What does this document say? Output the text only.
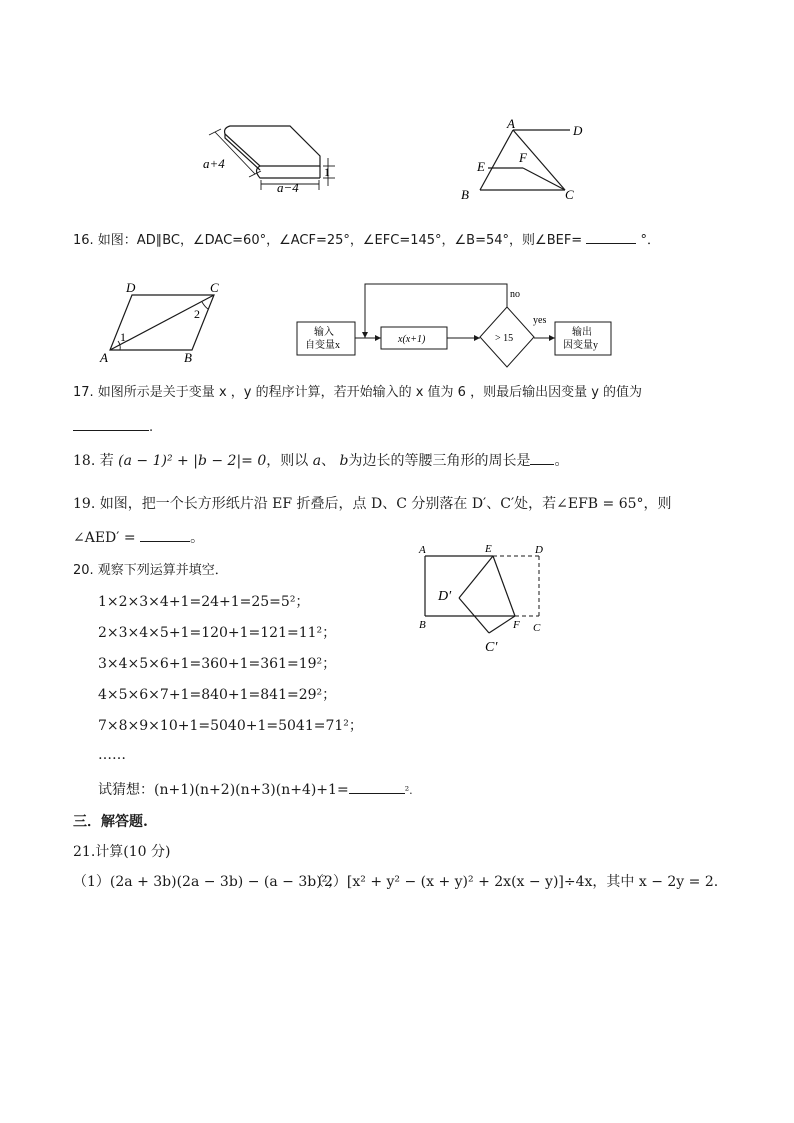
a+4
a−4
1
A	D
E
F
B	C
16. 如图：AD∥BC，∠DAC=60°，∠ACF=25°，∠EFC=145°，∠B=54°，则∠BEF=	°．
D	C
A	B
1
2
输入
自变量x
x(x+1)	> 15
no
yes
输出
因变量y
17. 如图所示是关于变量 x ，y 的程序计算，若开始输入的 x 值为 6 ，则最后输出因变量 y 的值为
.
18. 若 (a − 1)² + |b − 2|= 0，则以 a、 b为边长的等腰三角形的周长是 。
19. 如图，把一个长方形纸片沿 EF 折叠后，点 D、C 分别落在 D′、C′处，若∠EFB = 65°，则
∠AED′ =	。
A	E	D
D′
B	F C
C′
20. 观察下列运算并填空．
1×2×3×4+1=24+1=25=5²；
2×3×4×5+1=120+1=121=11²；
3×4×5×6+1=360+1=361=19²；
4×5×6×7+1=840+1=841=29²；
7×8×9×10+1=5040+1=5041=71²；
……
试猜想：(n+1)(n+2)(n+3)(n+4)+1=	².
三．解答题.
21.计算(10 分)
（1）(2a + 3b)(2a − 3b) − (a − 3b)²；
（2）[x² + y² − (x + y)² + 2x(x − y)]÷4x，其中 x − 2y = 2.
